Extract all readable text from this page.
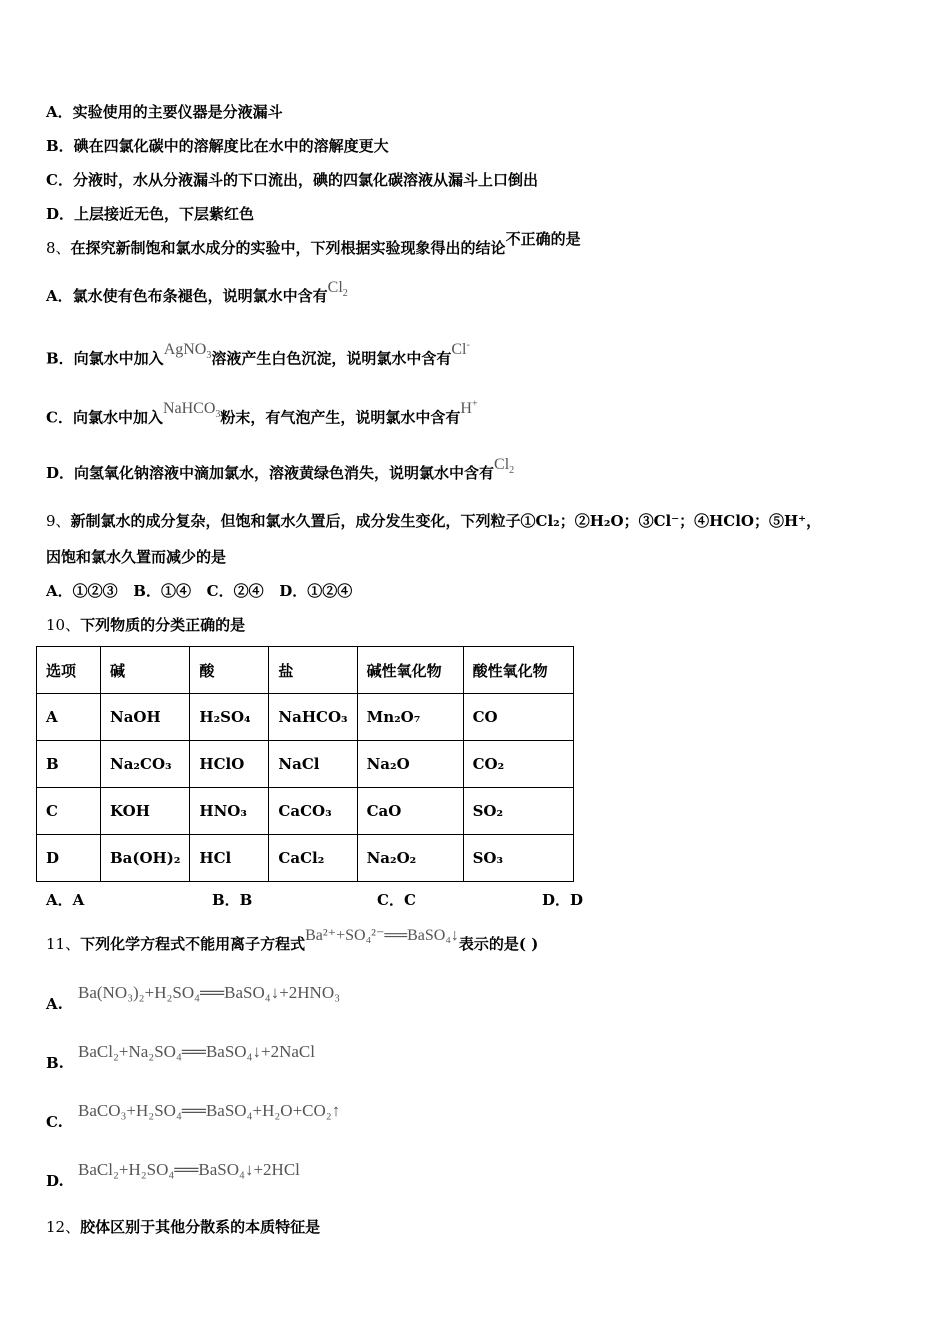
A．实验使用的主要仪器是分液漏斗
B．碘在四氯化碳中的溶解度比在水中的溶解度更大
C．分液时，水从分液漏斗的下口流出，碘的四氯化碳溶液从漏斗上口倒出
D．上层接近无色，下层紫红色
8、在探究新制饱和氯水成分的实验中，下列根据实验现象得出的结论不正确的是
A．氯水使有色布条褪色，说明氯水中含有$Cl_2$
B．向氯水中加入AgNO$_3$溶液产生白色沉淀，说明氯水中含有Cl-
C．向氯水中加入NaHCO$_3$粉末，有气泡产生，说明氯水中含有H+
D．向氢氧化钠溶液中滴加氯水，溶液黄绿色消失，说明氯水中含有$Cl_2$
9、新制氯水的成分复杂，但饱和氯水久置后，成分发生变化，下列粒子①Cl₂；②H₂O；③Cl⁻；④HClO；⑤H⁺，
因饱和氯水久置而减少的是
A．①②③   B．①④   C．②④   D．①②④
10、下列物质的分类正确的是
选项	碱	酸	盐	碱性氧化物	酸性氧化物
A	NaOH	H₂SO₄	NaHCO₃	Mn₂O₇	CO
B	Na₂CO₃	HClO	NaCl	Na₂O	CO₂
C	KOH	HNO₃	CaCO₃	CaO	SO₂
D	Ba(OH)₂	HCl	CaCl₂	Na₂O₂	SO₃
A．A	B．B	C．C	D．D
11、下列化学方程式不能用离子方程式Ba²⁺+SO₄²⁻══BaSO₄↓表示的是( )
A.
Ba(NO₃)₂+H₂SO₄══BaSO₄↓+2HNO₃
B.
BaCl₂+Na₂SO₄══BaSO₄↓+2NaCl
C.
BaCO₃+H₂SO₄══BaSO₄+H₂O+CO₂↑
D.
BaCl₂+H₂SO₄══BaSO₄↓+2HCl
12、胶体区别于其他分散系的本质特征是
